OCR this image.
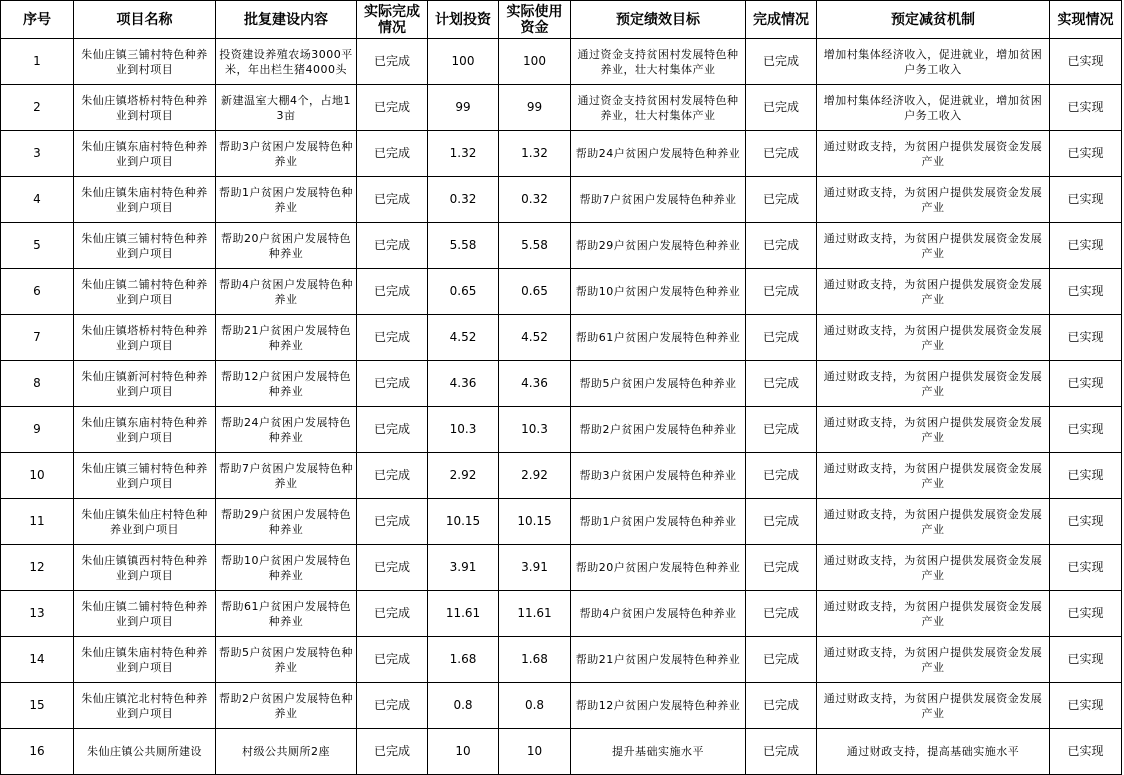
序号	项目名称	批复建设内容	实际完成情况	计划投资	实际使用资金	预定绩效目标	完成情况	预定减贫机制	实现情况
1	朱仙庄镇三铺村特色种养业到村项目	投资建设养殖农场3000平米，年出栏生猪4000头	已完成	100	100	通过资金支持贫困村发展特色种养业，壮大村集体产业	已完成	增加村集体经济收入，促进就业，增加贫困户务工收入	已实现
2	朱仙庄镇塔桥村特色种养业到村项目	新建温室大棚4个，占地13亩	已完成	99	99	通过资金支持贫困村发展特色种养业，壮大村集体产业	已完成	增加村集体经济收入，促进就业，增加贫困户务工收入	已实现
3	朱仙庄镇东庙村特色种养业到户项目	帮助3户贫困户发展特色种养业	已完成	1.32	1.32	帮助24户贫困户发展特色种养业	已完成	通过财政支持，为贫困户提供发展资金发展产业	已实现
4	朱仙庄镇朱庙村特色种养业到户项目	帮助1户贫困户发展特色种养业	已完成	0.32	0.32	帮助7户贫困户发展特色种养业	已完成	通过财政支持，为贫困户提供发展资金发展产业	已实现
5	朱仙庄镇三铺村特色种养业到户项目	帮助20户贫困户发展特色种养业	已完成	5.58	5.58	帮助29户贫困户发展特色种养业	已完成	通过财政支持，为贫困户提供发展资金发展产业	已实现
6	朱仙庄镇二铺村特色种养业到户项目	帮助4户贫困户发展特色种养业	已完成	0.65	0.65	帮助10户贫困户发展特色种养业	已完成	通过财政支持，为贫困户提供发展资金发展产业	已实现
7	朱仙庄镇塔桥村特色种养业到户项目	帮助21户贫困户发展特色种养业	已完成	4.52	4.52	帮助61户贫困户发展特色种养业	已完成	通过财政支持，为贫困户提供发展资金发展产业	已实现
8	朱仙庄镇新河村特色种养业到户项目	帮助12户贫困户发展特色种养业	已完成	4.36	4.36	帮助5户贫困户发展特色种养业	已完成	通过财政支持，为贫困户提供发展资金发展产业	已实现
9	朱仙庄镇东庙村特色种养业到户项目	帮助24户贫困户发展特色种养业	已完成	10.3	10.3	帮助2户贫困户发展特色种养业	已完成	通过财政支持，为贫困户提供发展资金发展产业	已实现
10	朱仙庄镇三铺村特色种养业到户项目	帮助7户贫困户发展特色种养业	已完成	2.92	2.92	帮助3户贫困户发展特色种养业	已完成	通过财政支持，为贫困户提供发展资金发展产业	已实现
11	朱仙庄镇朱仙庄村特色种养业到户项目	帮助29户贫困户发展特色种养业	已完成	10.15	10.15	帮助1户贫困户发展特色种养业	已完成	通过财政支持，为贫困户提供发展资金发展产业	已实现
12	朱仙庄镇镇西村特色种养业到户项目	帮助10户贫困户发展特色种养业	已完成	3.91	3.91	帮助20户贫困户发展特色种养业	已完成	通过财政支持，为贫困户提供发展资金发展产业	已实现
13	朱仙庄镇二铺村特色种养业到户项目	帮助61户贫困户发展特色种养业	已完成	11.61	11.61	帮助4户贫困户发展特色种养业	已完成	通过财政支持，为贫困户提供发展资金发展产业	已实现
14	朱仙庄镇朱庙村特色种养业到户项目	帮助5户贫困户发展特色种养业	已完成	1.68	1.68	帮助21户贫困户发展特色种养业	已完成	通过财政支持，为贫困户提供发展资金发展产业	已实现
15	朱仙庄镇沱北村特色种养业到户项目	帮助2户贫困户发展特色种养业	已完成	0.8	0.8	帮助12户贫困户发展特色种养业	已完成	通过财政支持，为贫困户提供发展资金发展产业	已实现
16	朱仙庄镇公共厕所建设	村级公共厕所2座	已完成	10	10	提升基础实施水平	已完成	通过财政支持，提高基础实施水平	已实现
